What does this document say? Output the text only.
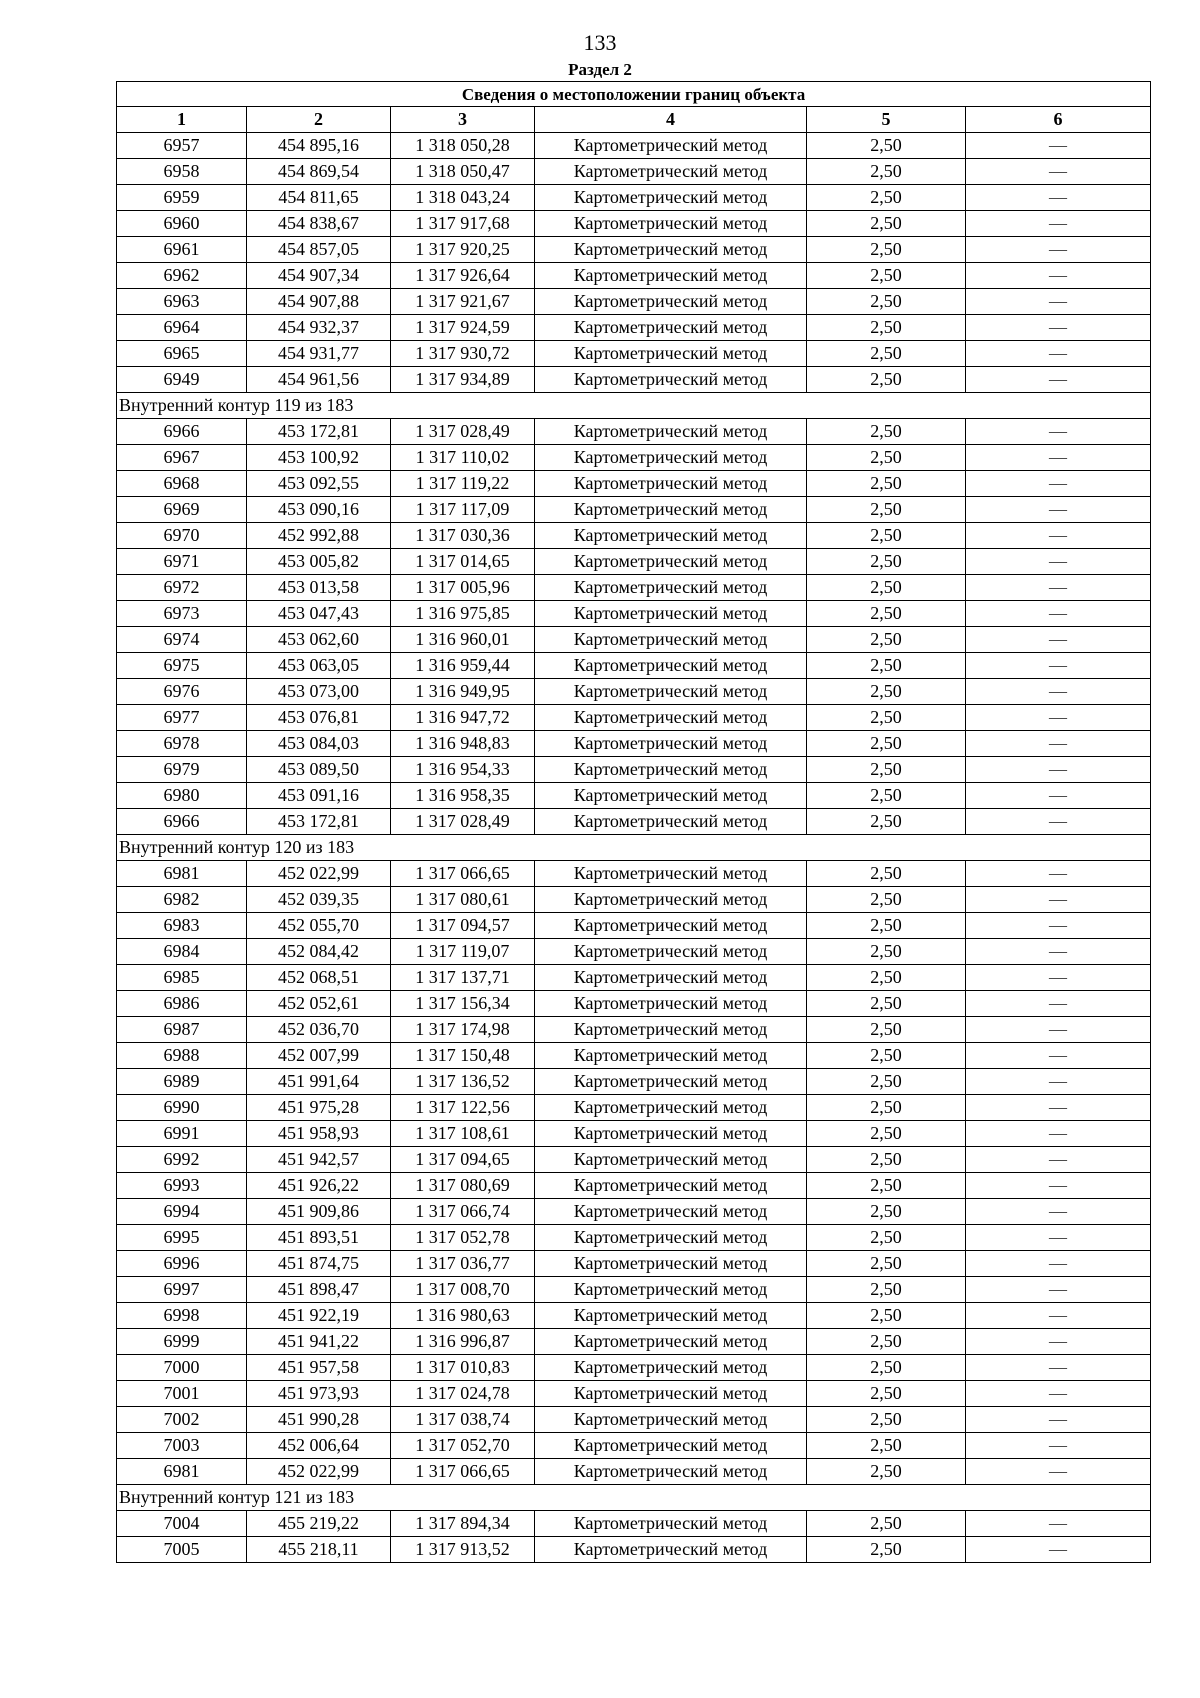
133
Раздел 2
Сведения о местоположении границ объекта					
1	2	3	4	5	6
6957	454 895,16	1 318 050,28	Картометрический метод	2,50	—
6958	454 869,54	1 318 050,47	Картометрический метод	2,50	—
6959	454 811,65	1 318 043,24	Картометрический метод	2,50	—
6960	454 838,67	1 317 917,68	Картометрический метод	2,50	—
6961	454 857,05	1 317 920,25	Картометрический метод	2,50	—
6962	454 907,34	1 317 926,64	Картометрический метод	2,50	—
6963	454 907,88	1 317 921,67	Картометрический метод	2,50	—
6964	454 932,37	1 317 924,59	Картометрический метод	2,50	—
6965	454 931,77	1 317 930,72	Картометрический метод	2,50	—
6949	454 961,56	1 317 934,89	Картометрический метод	2,50	—
Внутренний контур 119 из 183					
6966	453 172,81	1 317 028,49	Картометрический метод	2,50	—
6967	453 100,92	1 317 110,02	Картометрический метод	2,50	—
6968	453 092,55	1 317 119,22	Картометрический метод	2,50	—
6969	453 090,16	1 317 117,09	Картометрический метод	2,50	—
6970	452 992,88	1 317 030,36	Картометрический метод	2,50	—
6971	453 005,82	1 317 014,65	Картометрический метод	2,50	—
6972	453 013,58	1 317 005,96	Картометрический метод	2,50	—
6973	453 047,43	1 316 975,85	Картометрический метод	2,50	—
6974	453 062,60	1 316 960,01	Картометрический метод	2,50	—
6975	453 063,05	1 316 959,44	Картометрический метод	2,50	—
6976	453 073,00	1 316 949,95	Картометрический метод	2,50	—
6977	453 076,81	1 316 947,72	Картометрический метод	2,50	—
6978	453 084,03	1 316 948,83	Картометрический метод	2,50	—
6979	453 089,50	1 316 954,33	Картометрический метод	2,50	—
6980	453 091,16	1 316 958,35	Картометрический метод	2,50	—
6966	453 172,81	1 317 028,49	Картометрический метод	2,50	—
Внутренний контур 120 из 183					
6981	452 022,99	1 317 066,65	Картометрический метод	2,50	—
6982	452 039,35	1 317 080,61	Картометрический метод	2,50	—
6983	452 055,70	1 317 094,57	Картометрический метод	2,50	—
6984	452 084,42	1 317 119,07	Картометрический метод	2,50	—
6985	452 068,51	1 317 137,71	Картометрический метод	2,50	—
6986	452 052,61	1 317 156,34	Картометрический метод	2,50	—
6987	452 036,70	1 317 174,98	Картометрический метод	2,50	—
6988	452 007,99	1 317 150,48	Картометрический метод	2,50	—
6989	451 991,64	1 317 136,52	Картометрический метод	2,50	—
6990	451 975,28	1 317 122,56	Картометрический метод	2,50	—
6991	451 958,93	1 317 108,61	Картометрический метод	2,50	—
6992	451 942,57	1 317 094,65	Картометрический метод	2,50	—
6993	451 926,22	1 317 080,69	Картометрический метод	2,50	—
6994	451 909,86	1 317 066,74	Картометрический метод	2,50	—
6995	451 893,51	1 317 052,78	Картометрический метод	2,50	—
6996	451 874,75	1 317 036,77	Картометрический метод	2,50	—
6997	451 898,47	1 317 008,70	Картометрический метод	2,50	—
6998	451 922,19	1 316 980,63	Картометрический метод	2,50	—
6999	451 941,22	1 316 996,87	Картометрический метод	2,50	—
7000	451 957,58	1 317 010,83	Картометрический метод	2,50	—
7001	451 973,93	1 317 024,78	Картометрический метод	2,50	—
7002	451 990,28	1 317 038,74	Картометрический метод	2,50	—
7003	452 006,64	1 317 052,70	Картометрический метод	2,50	—
6981	452 022,99	1 317 066,65	Картометрический метод	2,50	—
Внутренний контур 121 из 183					
7004	455 219,22	1 317 894,34	Картометрический метод	2,50	—
7005	455 218,11	1 317 913,52	Картометрический метод	2,50	—
